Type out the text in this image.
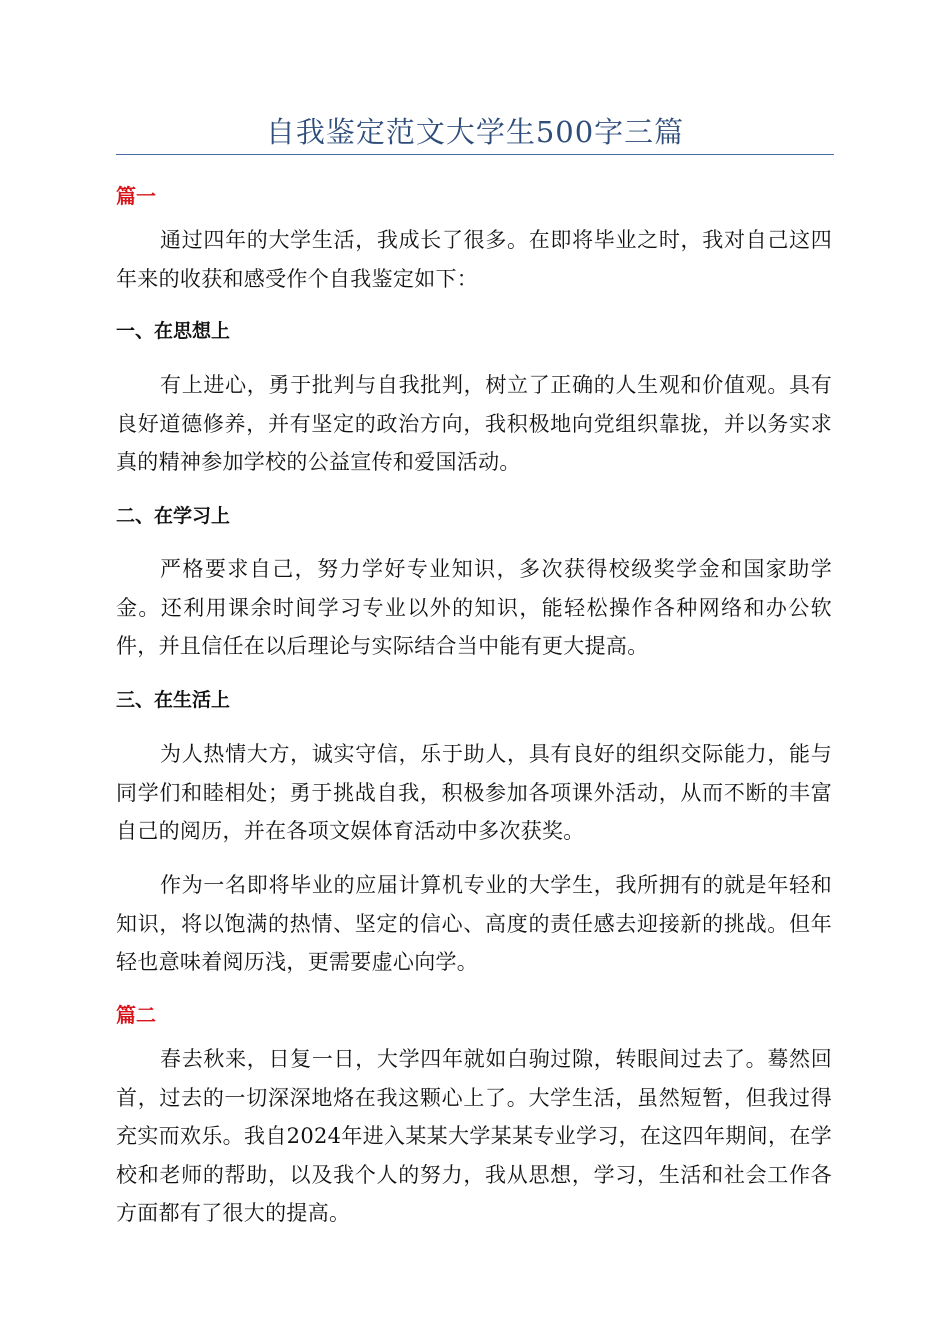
自我鉴定范文大学生500字三篇
篇一

通过四年的大学生活，我成长了很多。在即将毕业之时，我对自己这四年来的收获和感受作个自我鉴定如下：

一、在思想上

有上进心，勇于批判与自我批判，树立了正确的人生观和价值观。具有良好道德修养，并有坚定的政治方向，我积极地向党组织靠拢，并以务实求真的精神参加学校的公益宣传和爱国活动。

二、在学习上

严格要求自己，努力学好专业知识，多次获得校级奖学金和国家助学金。还利用课余时间学习专业以外的知识，能轻松操作各种网络和办公软件，并且信任在以后理论与实际结合当中能有更大提高。

三、在生活上

为人热情大方，诚实守信，乐于助人，具有良好的组织交际能力，能与同学们和睦相处；勇于挑战自我，积极参加各项课外活动，从而不断的丰富自己的阅历，并在各项文娱体育活动中多次获奖。

作为一名即将毕业的应届计算机专业的大学生，我所拥有的就是年轻和知识，将以饱满的热情、坚定的信心、高度的责任感去迎接新的挑战。但年轻也意味着阅历浅，更需要虚心向学。

篇二

春去秋来，日复一日，大学四年就如白驹过隙，转眼间过去了。蓦然回首，过去的一切深深地烙在我这颗心上了。大学生活，虽然短暂，但我过得充实而欢乐。我自2024年进入某某大学某某专业学习，在这四年期间，在学校和老师的帮助，以及我个人的努力，我从思想，学习，生活和社会工作各方面都有了很大的提高。
